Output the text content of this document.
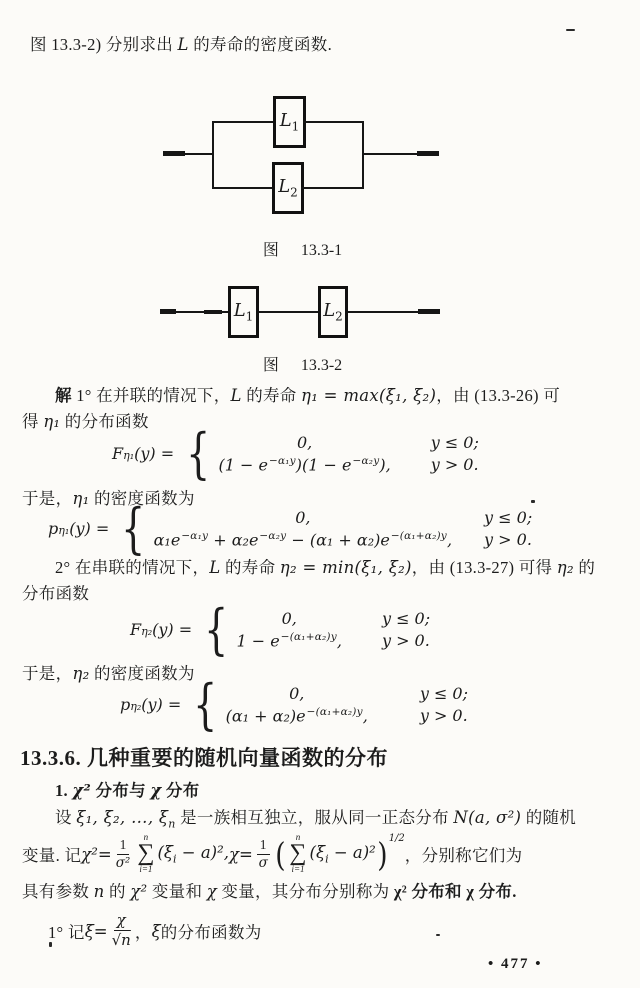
图 13.3-2) 分别求出 L 的寿命的密度函数.
$L_1$
$L_2$
图 13.3-1
$L_1$	$L_2$
图 13.3-2
解 1° 在并联的情况下，L 的寿命 η₁ = max(ξ₁, ξ₂)，由 (13.3-26) 可
得 η₁ 的分布函数
F η₁ (y) = {	0,	y ≤ 0;
$(1 - e^{-\alpha_1y})(1 - e^{-\alpha_2y})$,	y > 0.
于是，η₁ 的密度函数为
p η₁ (y) = {	0,	y ≤ 0;
$\alpha_1e^{-\alpha_1y} + \alpha_2e^{-\alpha_2y} - (\alpha_1 + \alpha_2)e^{-(\alpha_1+\alpha_2)y}$, y > 0.
2° 在串联的情况下，L 的寿命 η₂ = min(ξ₁, ξ₂)，由 (13.3-27) 可得 η₂ 的
分布函数
F η₂ (y) = {	0,	y ≤ 0;
$1 - e^{-(\alpha_1+\alpha_2)y}$,	y > 0.
于是，η₂ 的密度函数为
p η₂ (y) = {	0,	y ≤ 0;
$(\alpha_1 + \alpha_2)e^{-(\alpha_1+\alpha_2)y}$,	y > 0.
13.3.6. 几种重要的随机向量函数的分布
1. χ² 分布与 χ 分布
设 ξ₁, ξ₂, …, $\xi_n$ 是一族相互独立，服从同一正态分布 N(a, σ²) 的随机
变量. 记 $\chi^2 = \frac{1}{\text{σ²}}$ n
∑
i=1
$(\xi_i - a)^2$, $\chi = \frac{1}{\sigma}$ ( n
∑
i=1
$(\xi_i - a)^2$ ) 1/2
，分别称它们为
具有参数 n 的 χ² 变量和 χ 变量，其分布分别称为 χ² 分布和 χ 分布.
1° 记 $\xi = \frac{\chi}{√n}$ ， ξ 的分布函数为
• 477 •
